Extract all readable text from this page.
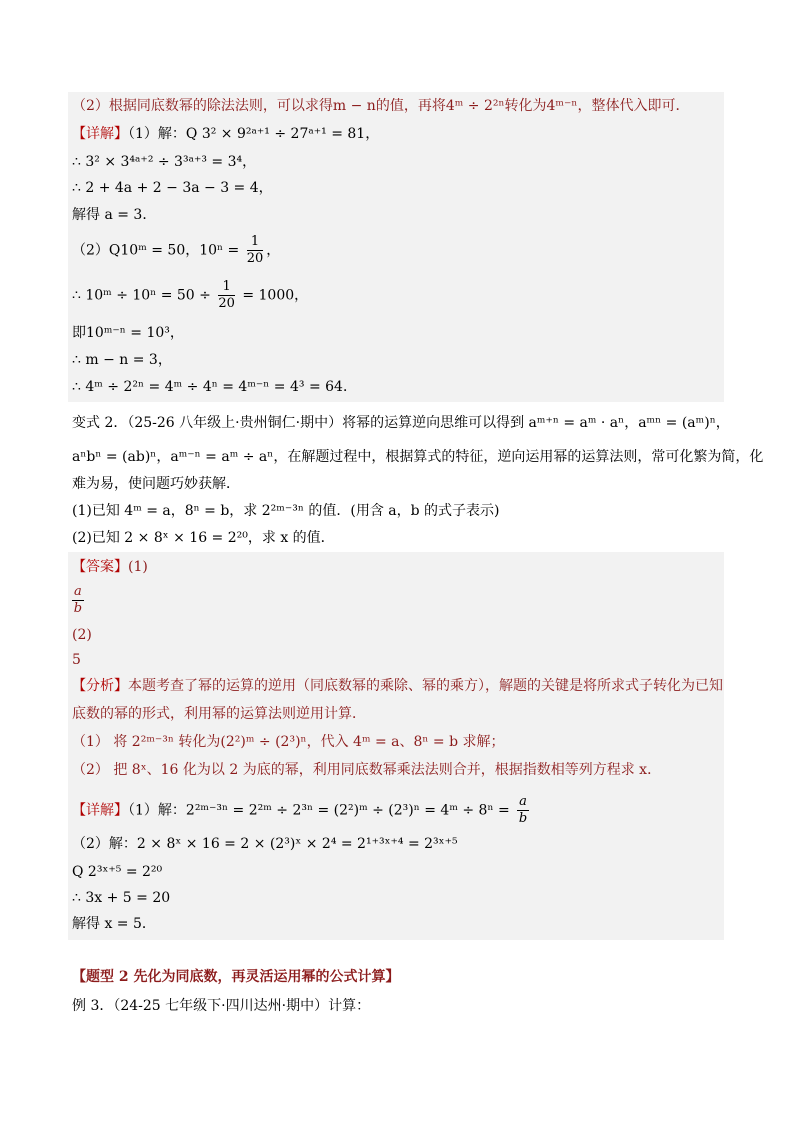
（2）根据同底数幂的除法法则，可以求得m − n的值，再将4ᵐ ÷ 2²ⁿ转化为4ᵐ⁻ⁿ，整体代入即可．
【详解】（1）解：Q 3² × 9²ᵃ⁺¹ ÷ 27ᵃ⁺¹ = 81，
∴ 3² × 3⁴ᵃ⁺² ÷ 3³ᵃ⁺³ = 3⁴，
∴ 2 + 4a + 2 − 3a − 3 = 4，
解得 a = 3．
（2）Q10ᵐ = 50，$10^n = \frac{1}{20}$ ，
∴ 10ᵐ ÷ $10^n = 50 \div \frac{1}{20} = 1000$，
即10ᵐ⁻ⁿ = 10³，
∴ m − n = 3，
∴ 4ᵐ ÷ 2²ⁿ = 4ᵐ ÷ 4ⁿ = 4ᵐ⁻ⁿ = 4³ = 64．
变式 2．（25-26 八年级上·贵州铜仁·期中）将幂的运算逆向思维可以得到 aᵐ⁺ⁿ = aᵐ · aⁿ，aᵐⁿ = (aᵐ)ⁿ，
aⁿbⁿ = (ab)ⁿ，aᵐ⁻ⁿ = aᵐ ÷ aⁿ，在解题过程中，根据算式的特征，逆向运用幂的运算法则，常可化繁为简，化
难为易，使问题巧妙获解．
(1)已知 4ᵐ = a，8ⁿ = b，求 2²ᵐ⁻³ⁿ 的值．(用含 a，b 的式子表示)
(2)已知 2 × 8ˣ × 16 = 2²⁰，求 x 的值．
【答案】(1)
$\frac{a}{b}$
(2)
5
【分析】本题考查了幂的运算的逆用（同底数幂的乘除、幂的乘方），解题的关键是将所求式子转化为已知
底数的幂的形式，利用幂的运算法则逆用计算．
（1） 将 2²ᵐ⁻³ⁿ 转化为(2²)ᵐ ÷ (2³)ⁿ，代入 4ᵐ = a、8ⁿ = b 求解；
（2） 把 8ˣ、16 化为以 2 为底的幂，利用同底数幂乘法法则合并，根据指数相等列方程求 x．
【详解】（1）解：2²ᵐ⁻³ⁿ = 2²ᵐ ÷ 2³ⁿ = (2²)ᵐ ÷ (2³)ⁿ = 4ᵐ ÷ $8^n = \frac{a}{b}$
（2）解：2 × 8ˣ × 16 = 2 × (2³)ˣ × 2⁴ = 2¹⁺³ˣ⁺⁴ = 2³ˣ⁺⁵
Q 2³ˣ⁺⁵ = 2²⁰
∴ 3x + 5 = 20
解得 x = 5．
【题型 2 先化为同底数，再灵活运用幂的公式计算】
例 3．（24-25 七年级下·四川达州·期中）计算：
